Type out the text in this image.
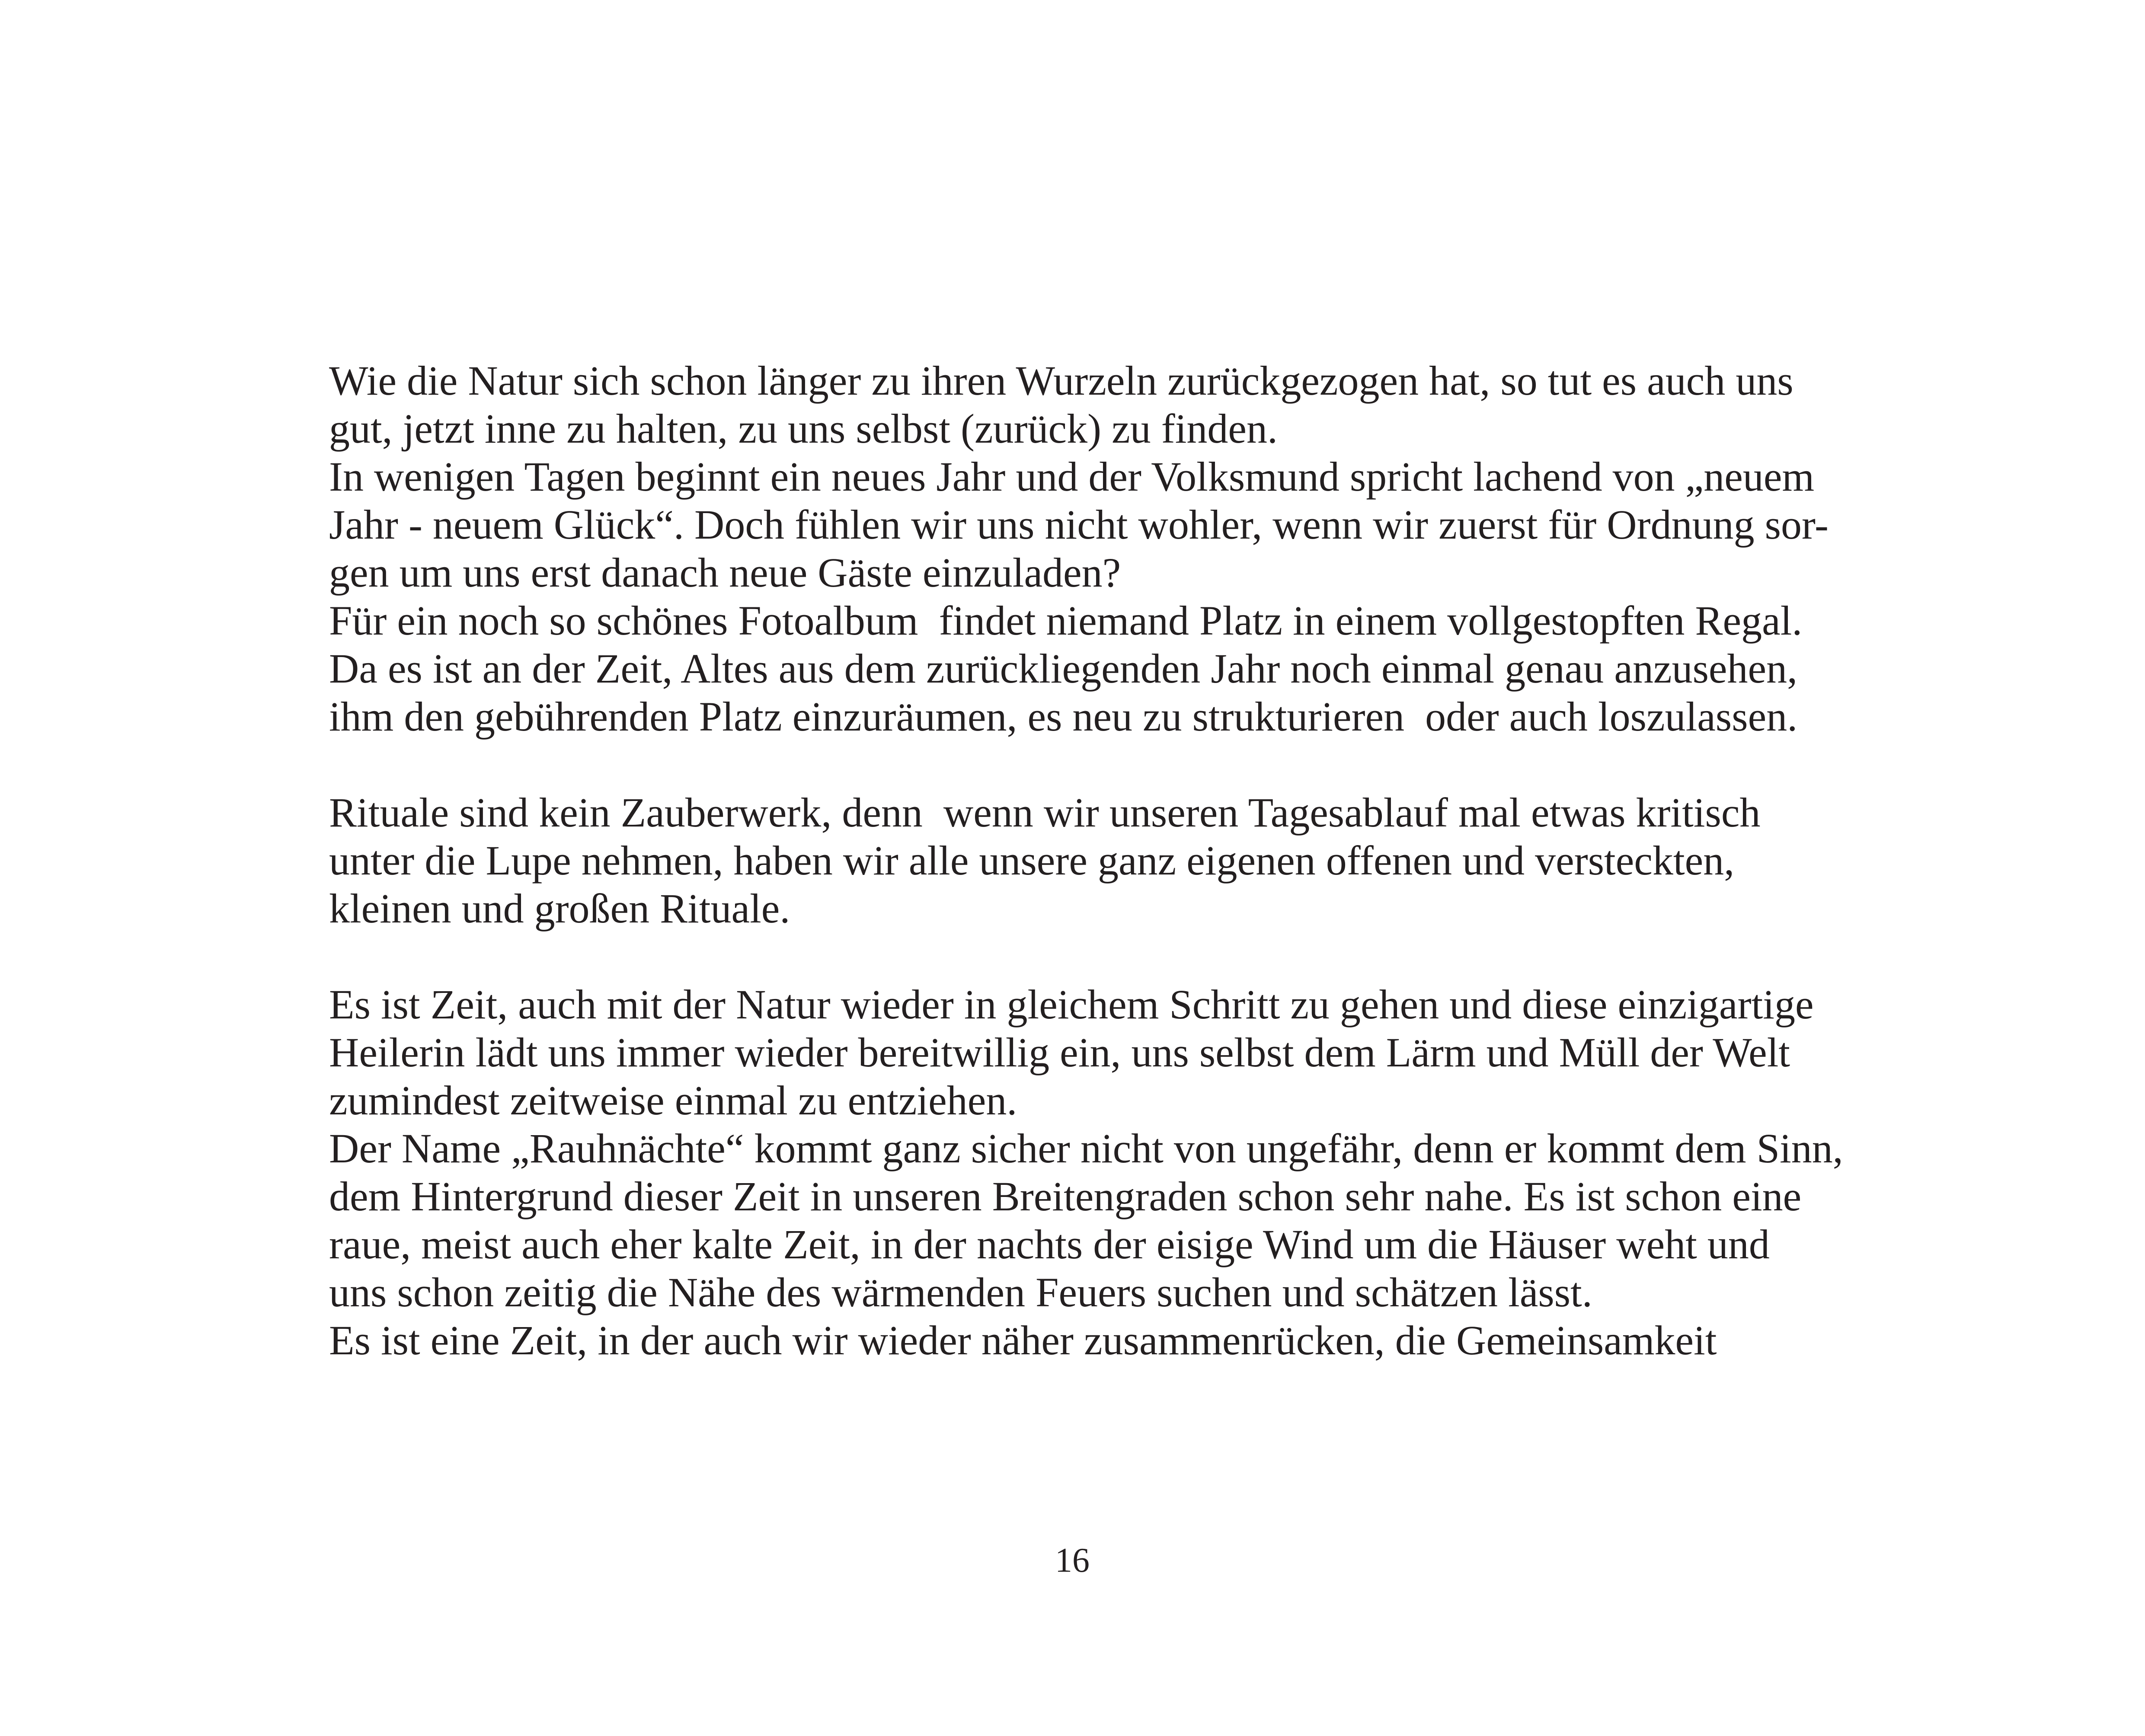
Wie die Natur sich schon länger zu ihren Wurzeln zurückgezogen hat, so tut es auch uns
gut, jetzt inne zu halten, zu uns selbst (zurück) zu finden.
In wenigen Tagen beginnt ein neues Jahr und der Volksmund spricht lachend von „neuem
Jahr - neuem Glück“. Doch fühlen wir uns nicht wohler, wenn wir zuerst für Ordnung sor-
gen um uns erst danach neue Gäste einzuladen?
Für ein noch so schönes Fotoalbum  findet niemand Platz in einem vollgestopften Regal.
Da es ist an der Zeit, Altes aus dem zurückliegenden Jahr noch einmal genau anzusehen,
ihm den gebührenden Platz einzuräumen, es neu zu strukturieren  oder auch loszulassen.
Rituale sind kein Zauberwerk, denn  wenn wir unseren Tagesablauf mal etwas kritisch
unter die Lupe nehmen, haben wir alle unsere ganz eigenen offenen und versteckten,
kleinen und großen Rituale.
Es ist Zeit, auch mit der Natur wieder in gleichem Schritt zu gehen und diese einzigartige
Heilerin lädt uns immer wieder bereitwillig ein, uns selbst dem Lärm und Müll der Welt
zumindest zeitweise einmal zu entziehen.
Der Name „Rauhnächte“ kommt ganz sicher nicht von ungefähr, denn er kommt dem Sinn,
dem Hintergrund dieser Zeit in unseren Breitengraden schon sehr nahe. Es ist schon eine
raue, meist auch eher kalte Zeit, in der nachts der eisige Wind um die Häuser weht und
uns schon zeitig die Nähe des wärmenden Feuers suchen und schätzen lässt.
Es ist eine Zeit, in der auch wir wieder näher zusammenrücken, die Gemeinsamkeit
16
